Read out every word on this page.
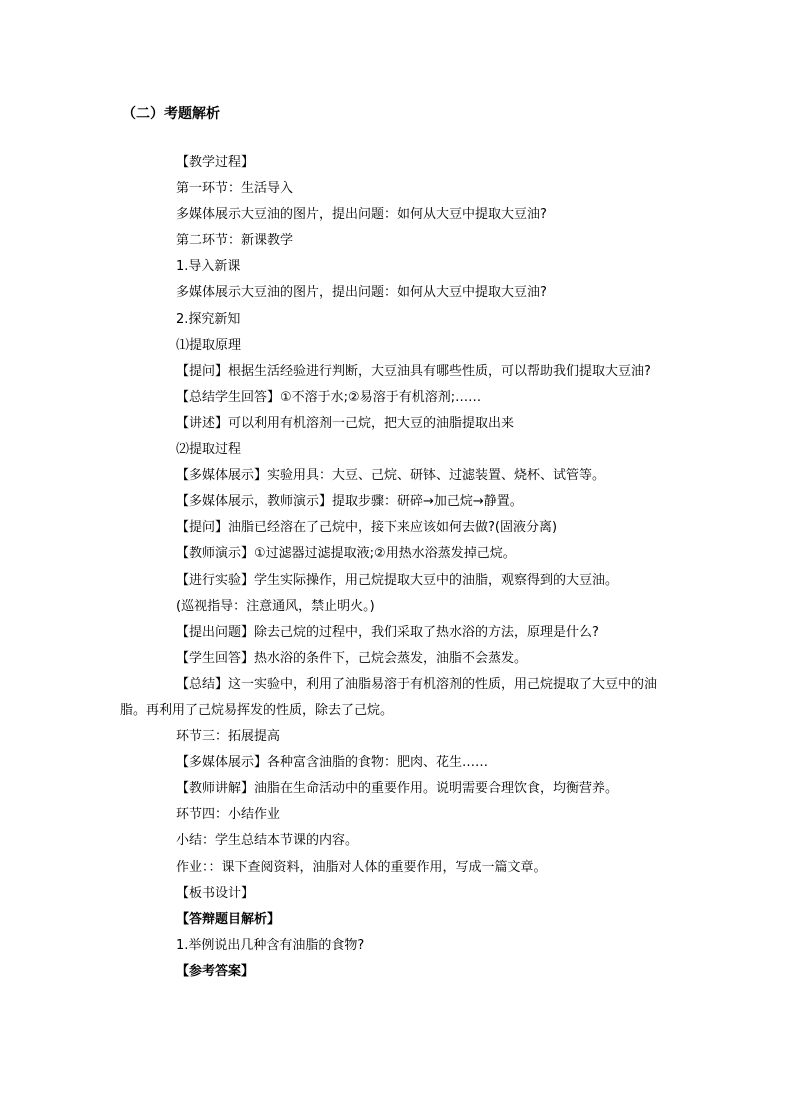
（二）考题解析

【教学过程】

第一环节：生活导入

多媒体展示大豆油的图片，提出问题：如何从大豆中提取大豆油?

第二环节：新课教学

1.导入新课

多媒体展示大豆油的图片，提出问题：如何从大豆中提取大豆油?

2.探究新知

⑴提取原理

【提问】根据生活经验进行判断，大豆油具有哪些性质，可以帮助我们提取大豆油?

【总结学生回答】①不溶于水;②易溶于有机溶剂;……

【讲述】可以利用有机溶剂一己烷，把大豆的油脂提取出来

⑵提取过程

【多媒体展示】实验用具：大豆、己烷、研钵、过滤装置、烧杯、试管等。

【多媒体展示，教师演示】提取步骤：研碎→加己烷→静置。

【提问】油脂已经溶在了己烷中，接下来应该如何去做?(固液分离)

【教师演示】①过滤器过滤提取液;②用热水浴蒸发掉己烷。

【进行实验】学生实际操作，用己烷提取大豆中的油脂，观察得到的大豆油。

(巡视指导：注意通风，禁止明火。)

【提出问题】除去己烷的过程中，我们采取了热水浴的方法，原理是什么?

【学生回答】热水浴的条件下，己烷会蒸发，油脂不会蒸发。

【总结】这一实验中，利用了油脂易溶于有机溶剂的性质，用己烷提取了大豆中的油脂。再利用了己烷易挥发的性质，除去了己烷。

环节三：拓展提高

【多媒体展示】各种富含油脂的食物：肥肉、花生……

【教师讲解】油脂在生命活动中的重要作用。说明需要合理饮食，均衡营养。

环节四：小结作业

小结：学生总结本节课的内容。

作业：：课下查阅资料，油脂对人体的重要作用，写成一篇文章。

【板书设计】

【答辩题目解析】

1.举例说出几种含有油脂的食物?

【参考答案】
